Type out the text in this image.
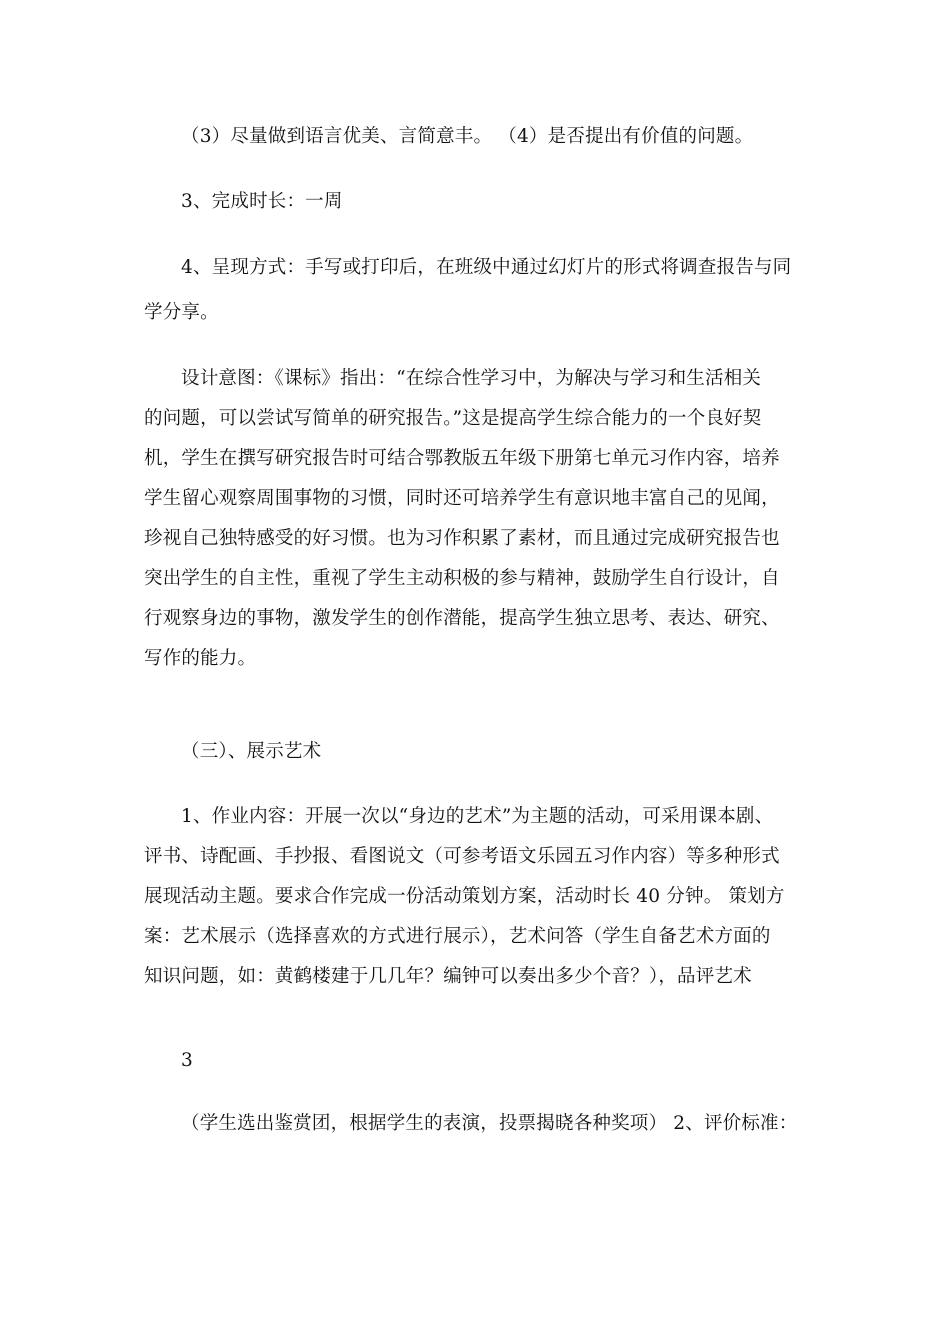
（3）尽量做到语言优美、言简意丰。 （4）是否提出有价值的问题。
3、完成时长：一周
4、呈现方式：手写或打印后，在班级中通过幻灯片的形式将调查报告与同
学分享。
设计意图：《课标》指出：“在综合性学习中，为解决与学习和生活相关
的问题，可以尝试写简单的研究报告。”这是提高学生综合能力的一个良好契
机，学生在撰写研究报告时可结合鄂教版五年级下册第七单元习作内容，培养
学生留心观察周围事物的习惯，同时还可培养学生有意识地丰富自己的见闻，
珍视自己独特感受的好习惯。也为习作积累了素材，而且通过完成研究报告也
突出学生的自主性，重视了学生主动积极的参与精神，鼓励学生自行设计，自
行观察身边的事物，激发学生的创作潜能，提高学生独立思考、表达、研究、
写作的能力。
（三）、展示艺术
1、作业内容：开展一次以“身边的艺术”为主题的活动，可采用课本剧、
评书、诗配画、手抄报、看图说文（可参考语文乐园五习作内容）等多种形式
展现活动主题。要求合作完成一份活动策划方案，活动时长 40 分钟。 策划方
案：艺术展示（选择喜欢的方式进行展示），艺术问答（学生自备艺术方面的
知识问题，如：黄鹤楼建于几几年？编钟可以奏出多少个音？），品评艺术
3
（学生选出鉴赏团，根据学生的表演，投票揭晓各种奖项） 2、评价标准：
